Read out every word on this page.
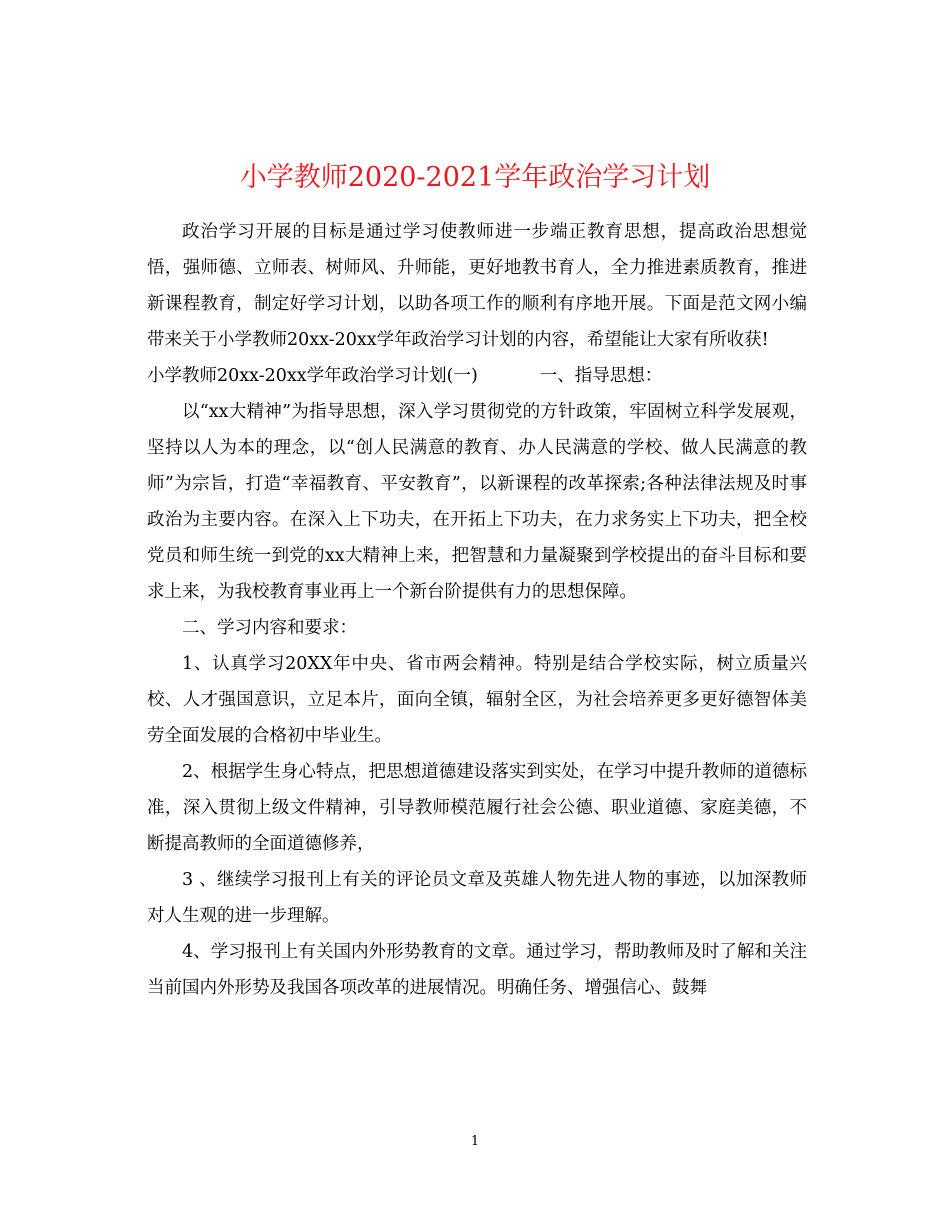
小学教师2020-2021学年政治学习计划

政治学习开展的目标是通过学习使教师进一步端正教育思想，提高政治思想觉悟，强师德、立师表、树师风、升师能，更好地教书育人，全力推进素质教育，推进新课程教育，制定好学习计划，以助各项工作的顺利有序地开展。下面是范文网小编带来关于小学教师20xx-20xx学年政治学习计划的内容，希望能让大家有所收获!

小学教师20xx-20xx学年政治学习计划(一)	一、指导思想：

以“xx大精神”为指导思想，深入学习贯彻党的方针政策，牢固树立科学发展观，坚持以人为本的理念，以“创人民满意的教育、办人民满意的学校、做人民满意的教师”为宗旨，打造“幸福教育、平安教育”，以新课程的改革探索;各种法律法规及时事政治为主要内容。在深入上下功夫，在开拓上下功夫，在力求务实上下功夫，把全校党员和师生统一到党的xx大精神上来，把智慧和力量凝聚到学校提出的奋斗目标和要求上来，为我校教育事业再上一个新台阶提供有力的思想保障。

二、学习内容和要求：

1、认真学习20XX年中央、省市两会精神。特别是结合学校实际，树立质量兴校、人才强国意识，立足本片，面向全镇，辐射全区，为社会培养更多更好德智体美劳全面发展的合格初中毕业生。

2、根据学生身心特点，把思想道德建设落实到实处，在学习中提升教师的道德标准，深入贯彻上级文件精神，引导教师模范履行社会公德、职业道德、家庭美德，不断提高教师的全面道德修养，

3 、继续学习报刊上有关的评论员文章及英雄人物先进人物的事迹，以加深教师对人生观的进一步理解。

4、学习报刊上有关国内外形势教育的文章。通过学习，帮助教师及时了解和关注当前国内外形势及我国各项改革的进展情况。明确任务、增强信心、鼓舞

1
